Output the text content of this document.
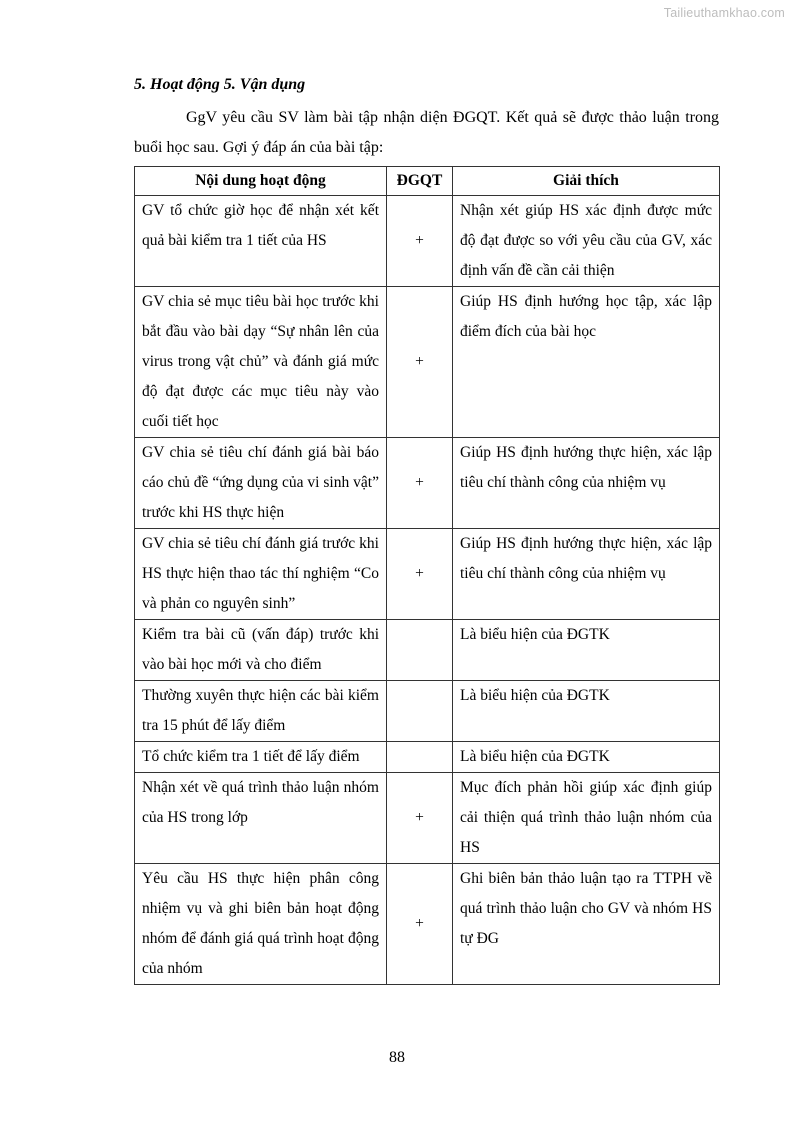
Tailieuthamkhao.com
5. Hoạt động 5. Vận dụng

GgV yêu cầu SV làm bài tập nhận diện ĐGQT. Kết quả sẽ được thảo luận trong buổi học sau. Gợi ý đáp án của bài tập:

Nội dung hoạt động	ĐGQT	Giải thích
GV tổ chức giờ học để nhận xét kết quả bài kiểm tra 1 tiết của HS	+	Nhận xét giúp HS xác định được mức độ đạt được so với yêu cầu của GV, xác định vấn đề cần cải thiện
GV chia sẻ mục tiêu bài học trước khi bắt đầu vào bài dạy “Sự nhân lên của virus trong vật chủ” và đánh giá mức độ đạt được các mục tiêu này vào cuối tiết học	+	Giúp HS định hướng học tập, xác lập điểm đích của bài học
GV chia sẻ tiêu chí đánh giá bài báo cáo chủ đề “ứng dụng của vi sinh vật” trước khi HS thực hiện	+	Giúp HS định hướng thực hiện, xác lập tiêu chí thành công của nhiệm vụ
GV chia sẻ tiêu chí đánh giá trước khi HS thực hiện thao tác thí nghiệm “Co và phản co nguyên sinh”	+	Giúp HS định hướng thực hiện, xác lập tiêu chí thành công của nhiệm vụ
Kiểm tra bài cũ (vấn đáp) trước khi vào bài học mới và cho điểm		Là biểu hiện của ĐGTK
Thường xuyên thực hiện các bài kiểm tra 15 phút để lấy điểm		Là biểu hiện của ĐGTK
Tổ chức kiểm tra 1 tiết để lấy điểm		Là biểu hiện của ĐGTK
Nhận xét về quá trình thảo luận nhóm của HS trong lớp	+	Mục đích phản hồi giúp xác định giúp cải thiện quá trình thảo luận nhóm của HS
Yêu cầu HS thực hiện phân công nhiệm vụ và ghi biên bản hoạt động nhóm để đánh giá quá trình hoạt động của nhóm	+	Ghi biên bản thảo luận tạo ra TTPH về quá trình thảo luận cho GV và nhóm HS tự ĐG
88
